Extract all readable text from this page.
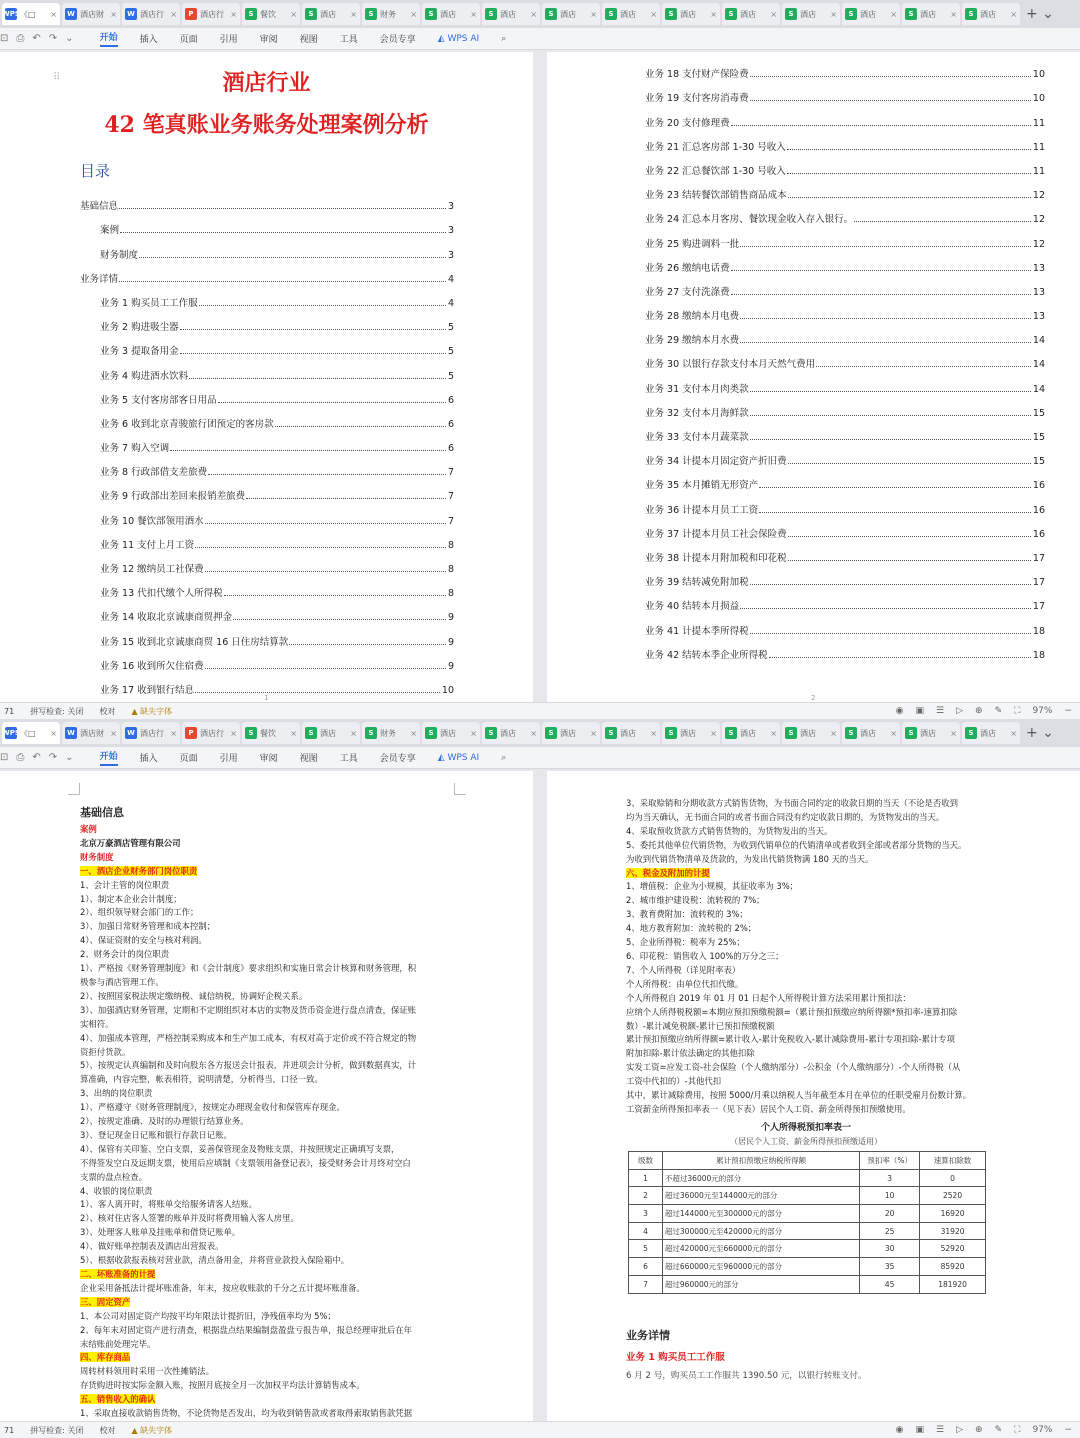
WPS 《□ ×	W 酒店财 ×	W 酒店行 ×	P 酒店行 ×	S 餐饮 ×	S 酒店 ×	S 财务 ×	S 酒店 ×	S 酒店 ×	S 酒店 ×	S 酒店 ×	S 酒店 ×	S 酒店 ×	S 酒店 ×	S 酒店 ×	S 酒店 ×	S 酒店 × + ⌄
⊡ ⎙ ↶ ↷ ⌄	开始 插入 页面 引用 审阅 视图 工具 会员专享 ◭ WPS AI ⌕
酒店行业
42 笔真账业务账务处理案例分析
目录
基础信息	3
案例	3
财务制度	3
业务详情	4
业务 1 购买员工工作服	4
业务 2 购进吸尘器	5
业务 3 提取备用金	5
业务 4 购进酒水饮料	5
业务 5 支付客房部客日用品	6
业务 6 收到北京青骏旅行团预定的客房款	6
业务 7 购入空调	6
业务 8 行政部借支差旅费	7
业务 9 行政部出差回来报销差旅费	7
业务 10 餐饮部领用酒水	7
业务 11 支付上月工资	8
业务 12 缴纳员工社保费	8
业务 13 代扣代缴个人所得税	8
业务 14 收取北京诚康商贸押金	9
业务 15 收到北京诚康商贸 16 日住房结算款	9
业务 16 收到所欠住宿费	9
业务 17 收到银行结息	10
1
⠿	业务 18 支付财产保险费	10
业务 19 支付客房消毒费	10
业务 20 支付修理费	11
业务 21 汇总客房部 1-30 号收入	11
业务 22 汇总餐饮部 1-30 号收入	11
业务 23 结转餐饮部销售商品成本	12
业务 24 汇总本月客房、餐饮现金收入存入银行。	12
业务 25 购进调料一批	12
业务 26 缴纳电话费	13
业务 27 支付洗涤费	13
业务 28 缴纳本月电费	13
业务 29 缴纳本月水费	14
业务 30 以银行存款支付本月天然气费用	14
业务 31 支付本月肉类款	14
业务 32 支付本月海鲜款	15
业务 33 支付本月蔬菜款	15
业务 34 计提本月固定资产折旧费	15
业务 35 本月摊销无形资产	16
业务 36 计提本月员工工资	16
业务 37 计提本月员工社会保险费	16
业务 38 计提本月附加税和印花税	17
业务 39 结转减免附加税	17
业务 40 结转本月损益	17
业务 41 计提本季所得税	18
业务 42 结转本季企业所得税	18
2
71 拼写检查: 关闭 校对 ▲ 缺失字体	◉ ▣ ☰ ▷ ⊕ ✎ ⛶ 97% −
WPS 《□ ×	W 酒店财 ×	W 酒店行 ×	P 酒店行 ×	S 餐饮 ×	S 酒店 ×	S 财务 ×	S 酒店 ×	S 酒店 ×	S 酒店 ×	S 酒店 ×	S 酒店 ×	S 酒店 ×	S 酒店 ×	S 酒店 ×	S 酒店 ×	S 酒店 × + ⌄
⊡ ⎙ ↶ ↷ ⌄	开始 插入 页面 引用 审阅 视图 工具 会员专享 ◭ WPS AI ⌕
基础信息
案例
北京万豪酒店管理有限公司
财务制度
一、酒店企业财务部门岗位职责
1、会计主管的岗位职责
1）、制定本企业会计制度；
2）、组织领导财会部门的工作；
3）、加强日常财务管理和成本控制；
4）、保证资财的安全与核对利润。
2、财务会计的岗位职责
1）、严格按《财务管理制度》和《会计制度》要求组织和实施日常会计核算和财务管理，积
极参与酒店管理工作。
2）、按照国家税法规定缴纳税、诚信纳税，协调好企税关系。
3）、加强酒店财务管理，定期和不定期组织对本店的实物及货币资金进行盘点清查，保证账
实相符。
4）、加强成本管理，严格控制采购成本和生产加工成本，有权对高于定价或不符合规定的物
资拒付货款。
5）、按规定认真编制和及时向股东各方报送会计报表，并进项会计分析，做到数据真实，计
算准确，内容完整，帐表相符，说明清楚，分析得当，口径一致。
3、出纳的岗位职责
1）、严格遵守《财务管理制度》，按规定办理现金收付和保管库存现金。
2）、按规定准确、及时的办理银行结算业务。
3）、登记现金日记账和银行存款日记账。
4）、保管有关印鉴、空白支票，妥善保管现金及物账支票，并按照规定正确填写支票，
不得签发空白及远期支票，使用后应填制《支票领用备登记表》，接受财务会计月终对空白
支票的盘点检查。
4、收银的岗位职责
1）、客人离开时，将账单交给服务请客人结账。
2）、核对住店客人签署的账单并及时将费用输入客人房里。
3）、处理客人账单及挂账单和借贷记账单。
4）、做好账单控制表及酒店出营报表。
5）、根据收款报表核对营业款，清点备用金，并将营业款投入保险箱中。
二、坏账准备的计提
企业采用备抵法计提坏账准备，年末，按应收账款的千分之五计提坏账准备。
三、固定资产
1、本公司对固定资产均按平均年限法计提折旧，净残值率均为 5%；
2、每年末对固定资产进行清查，根据盘点结果编制盘盈盘亏报告单，报总经理审批后在年
末结账前处理完毕。
四、库存商品
周转材料领用时采用一次性摊销法。
存货购进时按实际金额入账，按照月底按全月一次加权平均法计算销售成本。
五、销售收入的确认
1、采取直接收款销售货物，不论货物是否发出，均为收到销售款或者取得索取销售款凭据
3、采取赊销和分期收款方式销售货物，为书面合同约定的收款日期的当天（不论是否收到
均为当天确认，无书面合同的或者书面合同没有约定收款日期的，为货物发出的当天。
4、采取预收货款方式销售货物的，为货物发出的当天。
5、委托其他单位代销货物，为收到代销单位的代销清单或者收到全部或者部分货物的当天。
为收到代销货物清单及货款的，为发出代销货物满 180 天的当天。
六、税金及附加的计提
1、增值税：企业为小规模，其征收率为 3%；
2、城市维护建设税：流转税的 7%；
3、教育费附加：流转税的 3%；
4、地方教育附加：流转税的 2%；
5、企业所得税：税率为 25%；
6、印花税：销售收入 100%的万分之三；
7、个人所得税（详见附率表）
个人所得税：由单位代扣代缴。
个人所得税自 2019 年 01 月 01 日起个人所得税计算方法采用累计预扣法：
应纳个人所得税税额=本期应预扣预缴税额=（累计预扣预缴应纳所得额*预扣率-速算扣除
数）-累计减免税额-累计已预扣预缴税额
累计预扣预缴应纳所得额=累计收入-累计免税收入-累计减除费用-累计专项扣除-累计专项
附加扣除-累计依法确定的其他扣除
实发工资=应发工资-社会保险（个人缴纳部分）-公积金（个人缴纳部分）-个人所得税（从
工资中代扣的）-其他代扣
其中，累计减除费用，按照 5000/月乘以纳税人当年截至本月在单位的任职受雇月份数计算。
工资薪金所得预扣率表一（见下表）居民个人工资、薪金所得预扣预缴使用。
个人所得税预扣率表一
（居民个人工资、薪金所得预扣预缴适用）
级数	累计预扣预缴应纳税所得额	预扣率（%）	速算扣除数
1	不超过36000元的部分	3	0
2	超过36000元至144000元的部分	10	2520
3	超过144000元至300000元的部分	20	16920
4	超过300000元至420000元的部分	25	31920
5	超过420000元至660000元的部分	30	52920
6	超过660000元至960000元的部分	35	85920
7	超过960000元的部分	45	181920
业务详情
业务 1 购买员工工作服
6 月 2 号，购买员工工作服共 1390.50 元，以银行转账支付。
71 拼写检查: 关闭 校对 ▲ 缺失字体	◉ ▣ ☰ ▷ ⊕ ✎ ⛶ 97% −
